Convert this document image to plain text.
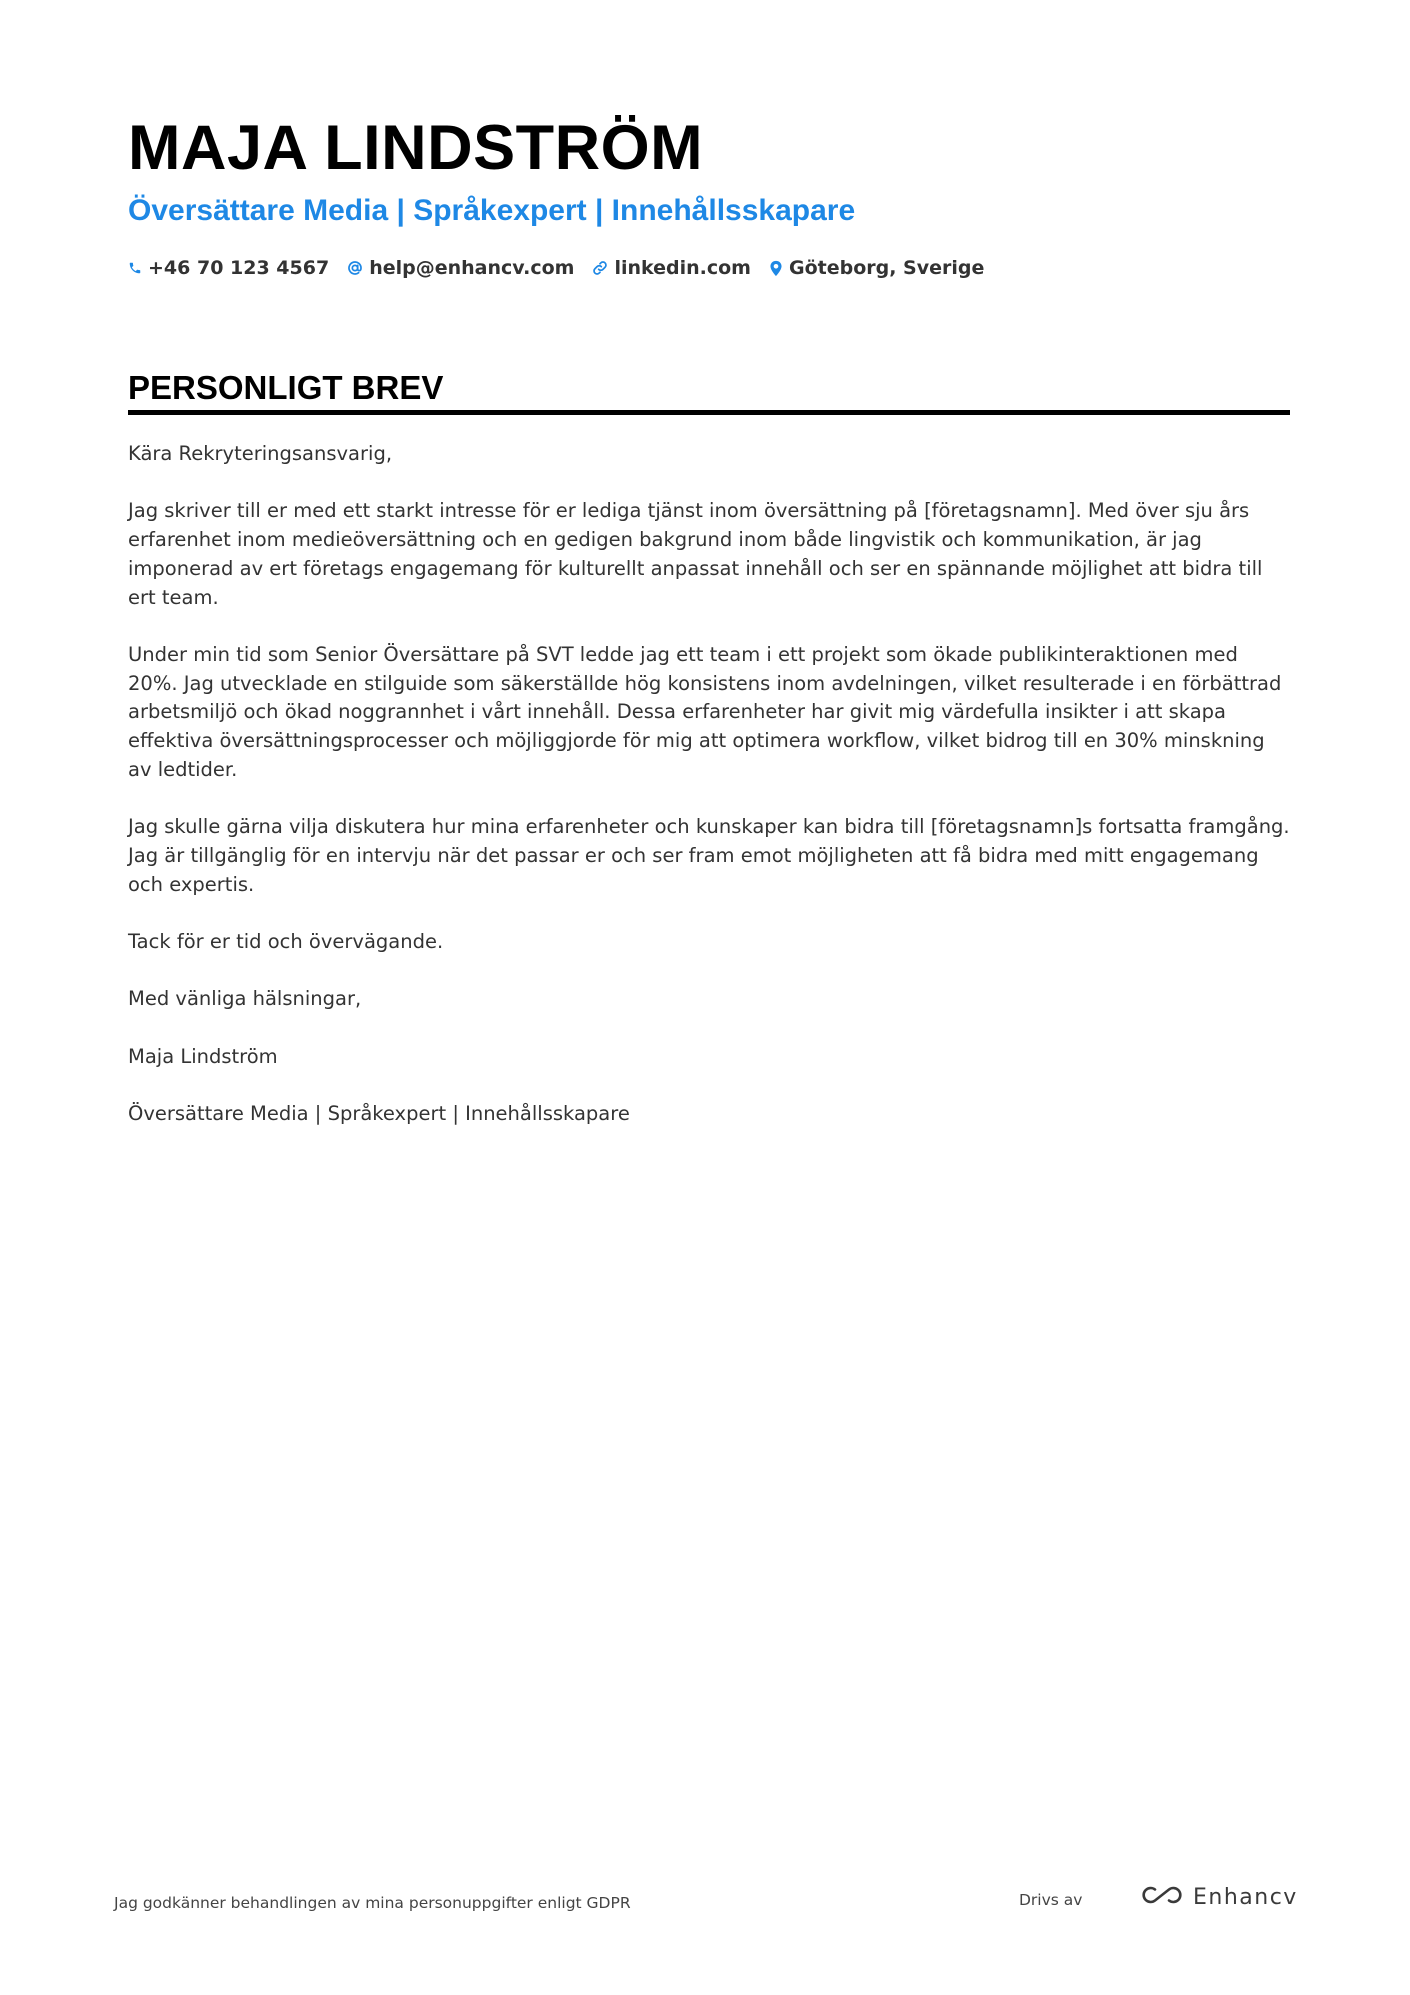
MAJA LINDSTRÖM
Översättare Media | Språkexpert | Innehållsskapare
+46 70 123 4567 help@enhancv.com linkedin.com Göteborg, Sverige
PERSONLIGT BREV

Kära Rekryteringsansvarig,

Jag skriver till er med ett starkt intresse för er lediga tjänst inom översättning på [företagsnamn]. Med över sju års erfarenhet inom medieöversättning och en gedigen bakgrund inom både lingvistik och kommunikation, är jag imponerad av ert företags engagemang för kulturellt anpassat innehåll och ser en spännande möjlighet att bidra till ert team.

Under min tid som Senior Översättare på SVT ledde jag ett team i ett projekt som ökade publikinteraktionen med 20%. Jag utvecklade en stilguide som säkerställde hög konsistens inom avdelningen, vilket resulterade i en förbättrad arbetsmiljö och ökad noggrannhet i vårt innehåll. Dessa erfarenheter har givit mig värdefulla insikter i att skapa effektiva översättningsprocesser och möjliggjorde för mig att optimera workflow, vilket bidrog till en 30% minskning av ledtider.

Jag skulle gärna vilja diskutera hur mina erfarenheter och kunskaper kan bidra till [företagsnamn]s fortsatta framgång. Jag är tillgänglig för en intervju när det passar er och ser fram emot möjligheten att få bidra med mitt engagemang och expertis.

Tack för er tid och övervägande.

Med vänliga hälsningar,

Maja Lindström

Översättare Media | Språkexpert | Innehållsskapare

Jag godkänner behandlingen av mina personuppgifter enligt GDPR	Drivs av	Enhancv
